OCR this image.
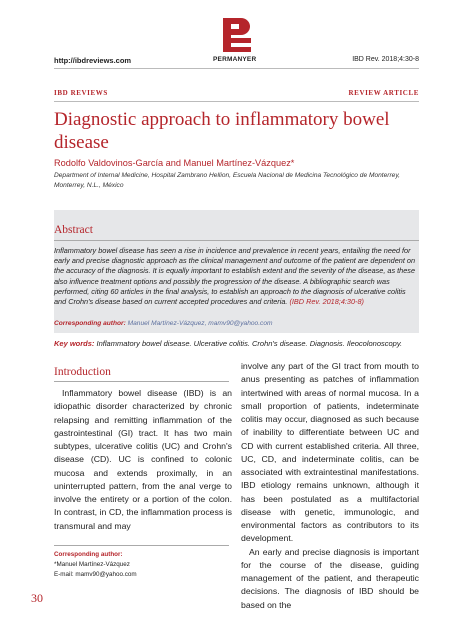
http://ibdreviews.com	PERMANYER	IBD Rev. 2018;4:30-8
IBD REVIEWS	REVIEW ARTICLE
Diagnostic approach to inflammatory bowel disease
Rodolfo Valdovinos-García and Manuel Martínez-Vázquez*
Department of Internal Medicine, Hospital Zambrano Hellion, Escuela Nacional de Medicina Tecnológico de Monterrey, Monterrey, N.L., México
Abstract
Inflammatory bowel disease has seen a rise in incidence and prevalence in recent years, entailing the need for early and precise diagnostic approach as the clinical management and outcome of the patient are dependent on the accuracy of the diagnosis. It is equally important to establish extent and the severity of the disease, as these also influence treatment options and possibly the progression of the disease. A bibliographic search was performed, citing 60 articles in the final analysis, to establish an approach to the diagnosis of ulcerative colitis and Crohn's disease based on current accepted procedures and criteria. (IBD Rev. 2018;4:30-8)
Corresponding author: Manuel Martínez-Vázquez, mamv90@yahoo.com
Key words: Inflammatory bowel disease. Ulcerative colitis. Crohn's disease. Diagnosis. Ileocolonoscopy.
Introduction

Inflammatory bowel disease (IBD) is an idiopathic disorder characterized by chronic relapsing and remitting inflammation of the gastrointestinal (GI) tract. It has two main subtypes, ulcerative colitis (UC) and Crohn's disease (CD). UC is confined to colonic mucosa and extends proximally, in an uninterrupted pattern, from the anal verge to involve the entirety or a portion of the colon. In contrast, in CD, the inflammation process is transmural and may

involve any part of the GI tract from mouth to anus presenting as patches of inflammation intertwined with areas of normal mucosa. In a small proportion of patients, indeterminate colitis may occur, diagnosed as such because of inability to differentiate between UC and CD with current established criteria. All three, UC, CD, and indeterminate colitis, can be associated with extraintestinal manifestations. IBD etiology remains unknown, although it has been postulated as a multifactorial disease with genetic, immunologic, and environmental factors as contributors to its development.

An early and precise diagnosis is important for the course of the disease, guiding management of the patient, and therapeutic decisions. The diagnosis of IBD should be based on the

Corresponding author:
*Manuel Martínez-Vázquez
E-mail: mamv90@yahoo.com
30
